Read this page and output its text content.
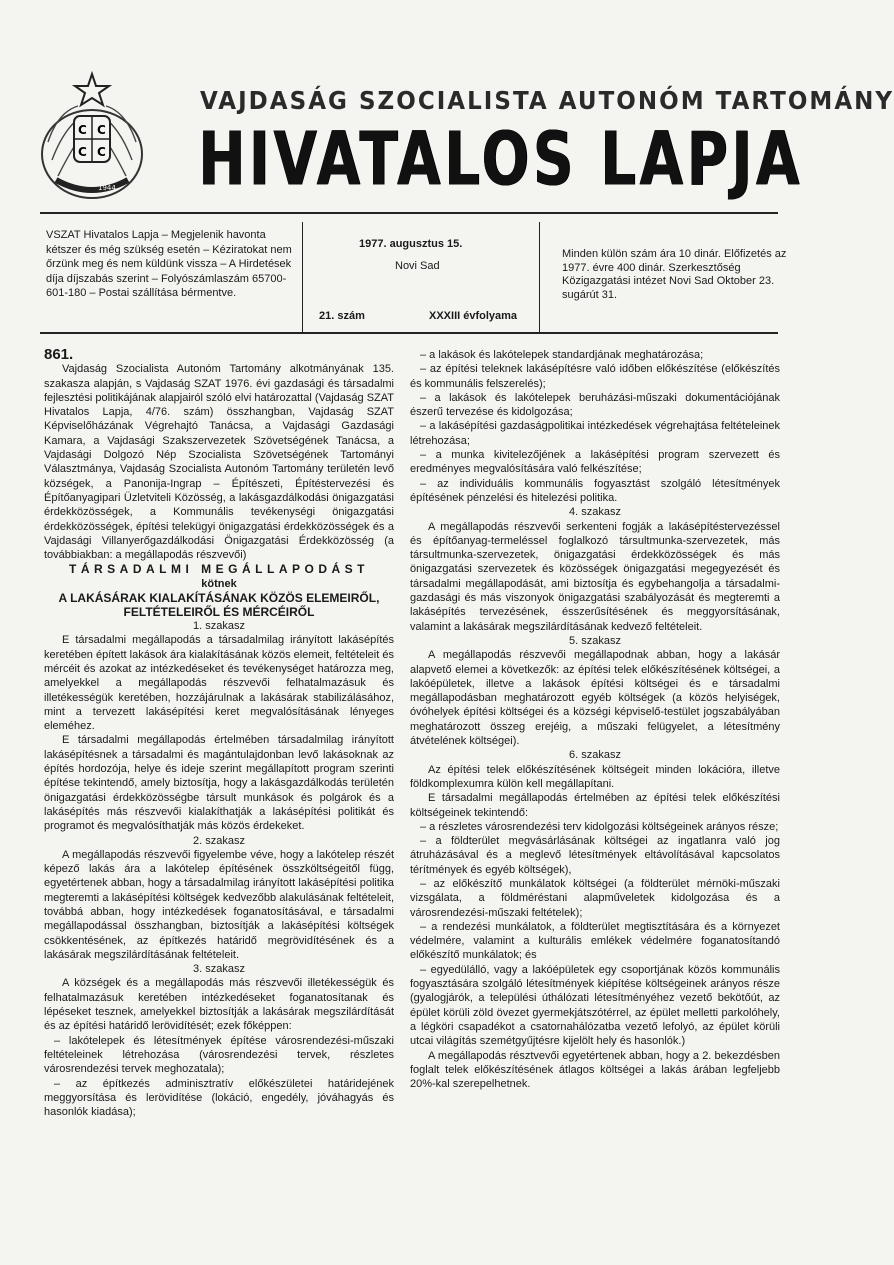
C C
C C
1944
VAJDASÁG SZOCIALISTA AUTONÓM TARTOMÁNY
HIVATALOS LAPJA
VSZAT Hivatalos Lapja – Megjelenik havonta kétszer és még szükség esetén – Kéziratokat nem őrzünk meg és nem küldünk vissza – A Hirdetések díja díjszabás szerint – Folyószámlaszám 65700-601-180 – Postai szállítása bérmentve.
1977. augusztus 15.
Novi Sad
21. szám	XXXIII évfolyama
Minden külön szám ára 10 dinár. Előfizetés az 1977. évre 400 dinár. Szerkesztőség Közigazgatási intézet Novi Sad Oktober 23. sugárút 31.

861.

Vajdaság Szocialista Autonóm Tartomány alkotmányának 135. szakasza alapján, s Vajdaság SZAT 1976. évi gazdasági és társadalmi fejlesztési politikájának alapjairól szóló elvi határozattal (Vajdaság SZAT Hivatalos Lapja, 4/76. szám) összhangban, Vajdaság SZAT Képviselőházának Végrehajtó Tanácsa, a Vajdasági Gazdasági Kamara, a Vajdasági Szakszervezetek Szövetségének Tanácsa, a Vajdasági Dolgozó Nép Szocialista Szövetségének Tartományi Választmánya, Vajdaság Szocialista Autonóm Tartomány területén levő községek, a Panonija-Ingrap – Építészeti, Építéstervezési és Építőanyagipari Üzletviteli Közösség, a lakásgazdálkodási önigazgatási érdekközösségek, a Kommunális tevékenységi önigazgatási érdekközösségek, építési telekügyi önigazgatási érdekközösségek és a Vajdasági Villanyerőgazdálkodási Önigazgatási Érdekközösség (a továbbiakban: a megállapodás részvevői)

TÁRSADALMI MEGÁLLAPODÁST

kötnek

A LAKÁSÁRAK KIALAKÍTÁSÁNAK KÖZÖS ELEMEIRŐL,

FELTÉTELEIRŐL ÉS MÉRCÉIRŐL

1. szakasz

E társadalmi megállapodás a társadalmilag irányított lakásépítés keretében épített lakások ára kialakításának közös elemeit, feltételeit és mércéit és azokat az intézkedéseket és tevékenységet határozza meg, amelyekkel a megállapodás részvevői felhatalmazásuk és illetékességük keretében, hozzájárulnak a lakásárak stabilizálásához, mint a tervezett lakásépítési keret megvalósításának lényeges eleméhez.

E társadalmi megállapodás értelmében társadalmilag irányított lakásépítésnek a társadalmi és magántulajdonban levő lakásoknak az építés hordozója, helye és ideje szerint megállapított program szerinti építése tekintendő, amely biztosítja, hogy a lakásgazdálkodás területén önigazgatási érdekközösségbe társult munkások és polgárok és a lakásépítés más részvevői kialakíthatják a lakásépítési politikát és programot és megvalósíthatják más közös érdekeket.

2. szakasz

A megállapodás részvevői figyelembe véve, hogy a lakótelep részét képező lakás ára a lakótelep építésének összköltségeitől függ, egyetértenek abban, hogy a társadalmilag irányított lakásépítési politika megteremti a lakásépítési költségek kedvezőbb alakulásának feltételeit, továbbá abban, hogy intézkedések foganatosításával, e társadalmi megállapodással összhangban, biztosítják a lakásépítési költségek csökkentésének, az építkezés határidő megrövidítésének és a lakásárak megszilárdításának feltételeit.

3. szakasz

A községek és a megállapodás más részvevői illetékességük és felhatalmazásuk keretében intézkedéseket foganatosítanak és lépéseket tesznek, amelyekkel biztosítják a lakásárak megszilárdítását és az építési határidő lerövidítését; ezek főképpen:

– lakótelepek és létesítmények építése városrendezési-műszaki feltételeinek létrehozása (városrendezési tervek, részletes városrendezési tervek meghozatala);

– az építkezés adminisztratív előkészületei határidejének meggyorsítása és lerövidítése (lokáció, engedély, jóváhagyás és hasonlók kiadása);

– a lakások és lakótelepek standardjának meghatározása;

– az építési teleknek lakásépítésre való időben előkészítése (előkészítés és kommunális felszerelés);

– a lakások és lakótelepek beruházási-műszaki dokumentációjának észerű tervezése és kidolgozása;

– a lakásépítési gazdaságpolitikai intézkedések végrehajtása feltételeinek létrehozása;

– a munka kivitelezőjének a lakásépítési program szervezett és eredményes megvalósítására való felkészítése;

– az individuális kommunális fogyasztást szolgáló létesítmények építésének pénzelési és hitelezési politika.

4. szakasz

A megállapodás részvevői serkenteni fogják a lakásépítéstervezéssel és építőanyag-termeléssel foglalkozó társultmunka-szervezetek, más társultmunka-szervezetek, önigazgatási érdekközösségek és más önigazgatási szervezetek és közösségek önigazgatási megegyezését és társadalmi megállapodását, ami biztosítja és egybehangolja a társadalmi-gazdasági és más viszonyok önigazgatási szabályozását és megteremti a lakásépítés tervezésének, ésszerűsítésének és meggyorsításának, valamint a lakásárak megszilárdításának kedvező feltételeit.

5. szakasz

A megállapodás részvevői megállapodnak abban, hogy a lakásár alapvető elemei a következők: az építési telek előkészítésének költségei, a lakóépületek, illetve a lakások építési költségei és e társadalmi megállapodásban meghatározott egyéb költségek (a közös helyiségek, óvóhelyek építési költségei és a községi képviselő-testület jogszabályában meghatározott összeg erejéig, a műszaki felügyelet, a létesítmény átvételének költségei).

6. szakasz

Az építési telek előkészítésének költségeit minden lokációra, illetve földkomplexumra külön kell megállapítani.

E társadalmi megállapodás értelmében az építési telek előkészítési költségeinek tekintendő:

– a részletes városrendezési terv kidolgozási költségeinek arányos része;

– a földterület megvásárlásának költségei az ingatlanra való jog átruházásával és a meglevő létesítmények eltávolításával kapcsolatos térítmények és egyéb költségek),

– az előkészítő munkálatok költségei (a földterület mérnöki-műszaki vizsgálata, a földméréstani alapműveletek kidolgozása és a városrendezési-műszaki feltételek);

– a rendezési munkálatok, a földterület megtisztítására és a környezet védelmére, valamint a kulturális emlékek védelmére foganatosítandó előkészítő munkálatok; és

– egyedülálló, vagy a lakóépületek egy csoportjának közös kommunális fogyasztására szolgáló létesítmények kiépítése költségeinek arányos része (gyalogjárók, a települési úthálózati létesítményéhez vezető bekötőút, az épület körüli zöld övezet gyermekjátszótérrel, az épület melletti parkolóhely, a légköri csapadékot a csatornahálózatba vezető lefolyó, az épület körüli utcai világítás szemétgyűjtésre kijelölt hely és hasonlók.)

A megállapodás résztvevői egyetértenek abban, hogy a 2. bekezdésben foglalt telek előkészítésének átlagos költségei a lakás árában legfeljebb 20%-kal szerepelhetnek.
